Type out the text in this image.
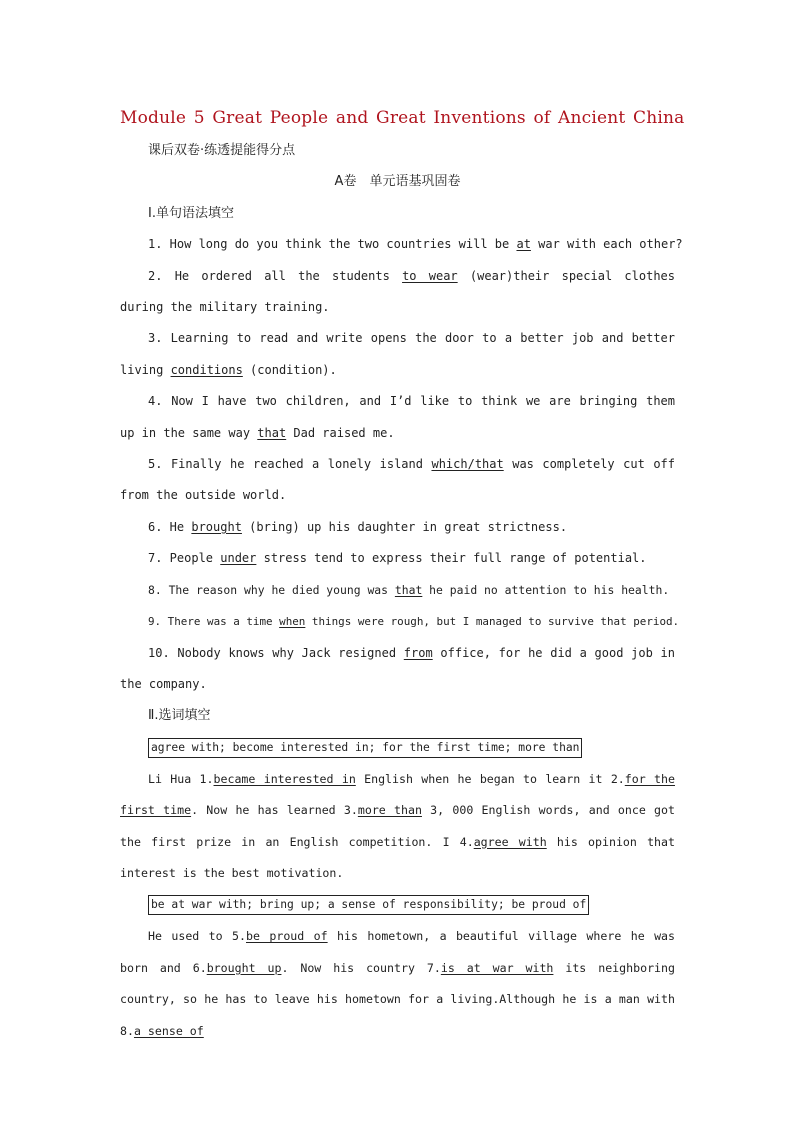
Module 5 Great People and Great Inventions of Ancient China
课后双卷·练透提能得分点
A卷　单元语基巩固卷
Ⅰ.单句语法填空
1. How long do you think the two countries will be at war with each other?
2. He ordered all the students to wear (wear)their special clothes during the military training.
3. Learning to read and write opens the door to a better job and better living conditions (condition).
4. Now I have two children, and I’d like to think we are bringing them up in the same way that Dad raised me.
5. Finally he reached a lonely island which/that was completely cut off from the outside world.
6. He brought (bring) up his daughter in great strictness.
7. People under stress tend to express their full range of potential.
8. The reason why he died young was that he paid no attention to his health.
9. There was a time when things were rough, but I managed to survive that period.
10. Nobody knows why Jack resigned from office, for he did a good job in the company.
Ⅱ.选词填空
agree with; become interested in; for the first time; more than
Li Hua 1.became interested in English when he began to learn it 2.for the first time. Now he has learned 3.more than 3, 000 English words, and once got the first prize in an English competition. I 4.agree with his opinion that interest is the best motivation.
be at war with; bring up; a sense of responsibility; be proud of
He used to 5.be proud of his hometown, a beautiful village where he was born and 6.brought up. Now his country 7.is at war with its neighboring country, so he has to leave his hometown for a living.Although he is a man with 8.a sense of
